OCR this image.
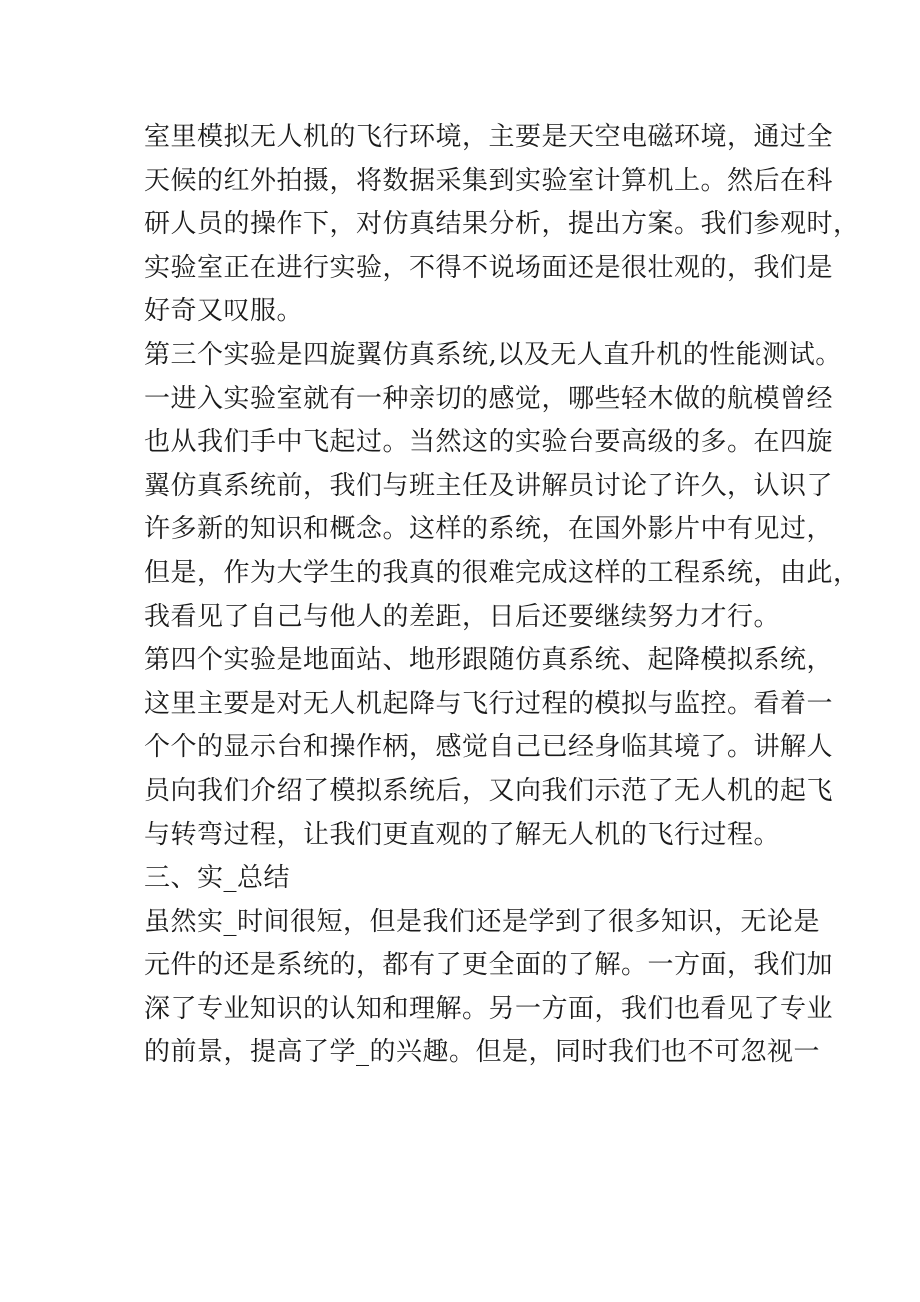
室里模拟无人机的飞行环境，主要是天空电磁环境，通过全
天候的红外拍摄，将数据采集到实验室计算机上。然后在科
研人员的操作下，对仿真结果分析，提出方案。我们参观时，
实验室正在进行实验，不得不说场面还是很壮观的，我们是
好奇又叹服。
第三个实验是四旋翼仿真系统,以及无人直升机的性能测试。
一进入实验室就有一种亲切的感觉，哪些轻木做的航模曾经
也从我们手中飞起过。当然这的实验台要高级的多。在四旋
翼仿真系统前，我们与班主任及讲解员讨论了许久，认识了
许多新的知识和概念。这样的系统，在国外影片中有见过，
但是，作为大学生的我真的很难完成这样的工程系统，由此，
我看见了自己与他人的差距，日后还要继续努力才行。
第四个实验是地面站、地形跟随仿真系统、起降模拟系统，
这里主要是对无人机起降与飞行过程的模拟与监控。看着一
个个的显示台和操作柄，感觉自己已经身临其境了。讲解人
员向我们介绍了模拟系统后，又向我们示范了无人机的起飞
与转弯过程，让我们更直观的了解无人机的飞行过程。
三、实_总结
虽然实_时间很短，但是我们还是学到了很多知识，无论是
元件的还是系统的，都有了更全面的了解。一方面，我们加
深了专业知识的认知和理解。另一方面，我们也看见了专业
的前景，提高了学_的兴趣。但是，同时我们也不可忽视一
